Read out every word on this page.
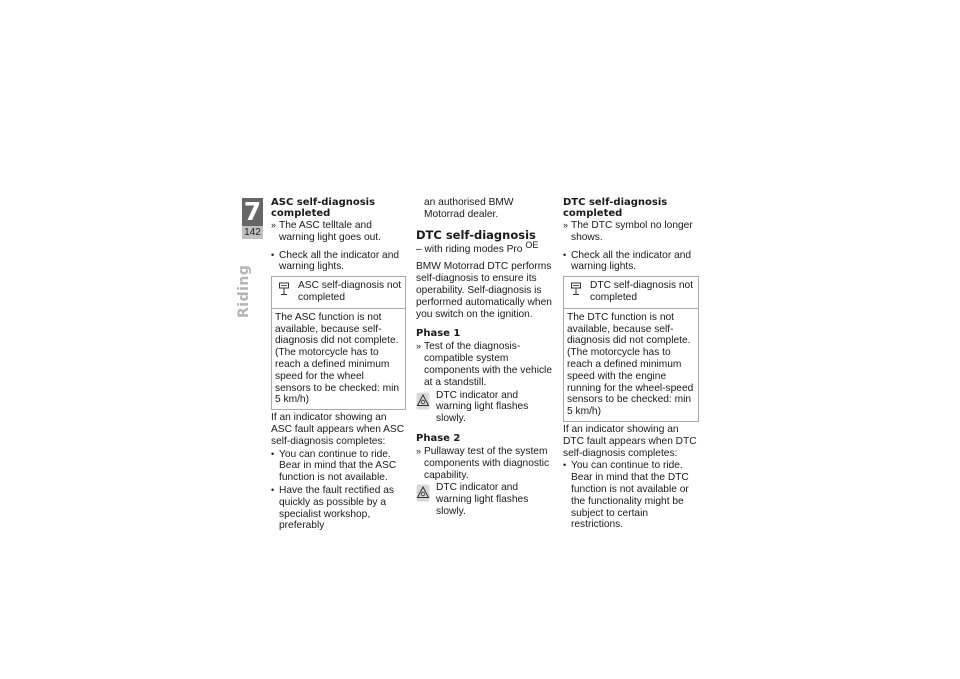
7
142
Riding

ASC self-diagnosis completed

» The ASC telltale and warning light goes out.
• Check all the indicator and warning lights.
ASC self-diagnosis not completed
The ASC function is not available, because self-diagnosis did not complete. (The motorcycle has to reach a defined minimum speed for the wheel sensors to be checked: min 5 km/h)

If an indicator showing an ASC fault appears when ASC self-diagnosis completes:

• You can continue to ride. Bear in mind that the ASC function is not available.
• Have the fault rectified as quickly as possible by a specialist workshop, preferably

an authorised BMW Motorrad dealer.

DTC self-diagnosis

– with riding modes Pro OE

BMW Motorrad DTC performs self-diagnosis to ensure its operability. Self-diagnosis is performed automatically when you switch on the ignition.

Phase 1

» Test of the diagnosis-compatible system components with the vehicle at a standstill.
DTC indicator and warning light flashes slowly.

Phase 2

» Pullaway test of the system components with diagnostic capability.
DTC indicator and warning light flashes slowly.

DTC self-diagnosis completed

» The DTC symbol no longer shows.
• Check all the indicator and warning lights.
DTC self-diagnosis not completed
The DTC function is not available, because self-diagnosis did not complete. (The motorcycle has to reach a defined minimum speed with the engine running for the wheel-speed sensors to be checked: min 5 km/h)

If an indicator showing an DTC fault appears when DTC self-diagnosis completes:

• You can continue to ride. Bear in mind that the DTC function is not available or the functionality might be subject to certain restrictions.
